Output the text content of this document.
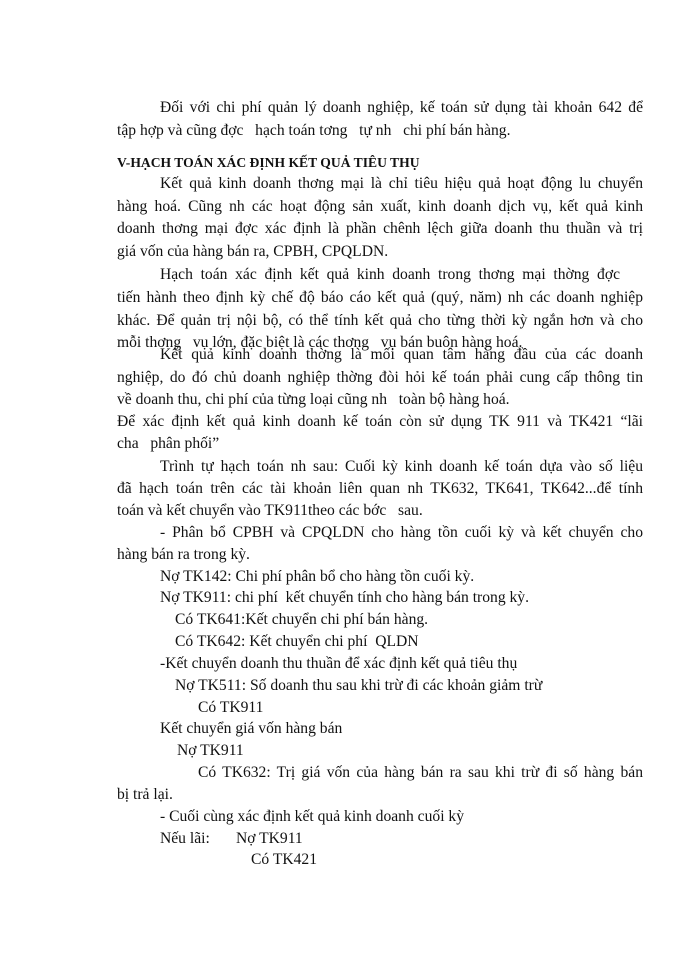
Đối với chi phí quản lý doanh nghiệp, kế toán sử dụng tài khoản 642 để
tập hợp và cũng đợc   hạch toán tơng   tự nh   chi phí bán hàng.
V-HẠCH TOÁN XÁC ĐỊNH KẾT QUẢ TIÊU THỤ
Kết quả kinh doanh thơng mại là chỉ tiêu hiệu quả hoạt động lu chuyển
hàng hoá. Cũng nh các hoạt động sản xuất, kinh doanh dịch vụ, kết quả kinh
doanh thơng mại đợc xác định là phần chênh lệch giữa doanh thu thuần và trị
giá vốn của hàng bán ra, CPBH, CPQLDN.
Hạch toán xác định kết quả kinh doanh trong thơng mại thờng đợc
tiến hành theo định kỳ chế độ báo cáo kết quả (quý, năm) nh các doanh nghiệp
khác. Để quản trị nội bộ, có thể tính kết quả cho từng thời kỳ ngắn hơn và cho
mỗi thơng   vụ lớn, đặc biệt là các thơng   vụ bán buôn hàng hoá.
Kết quả kinh doanh thờng là mối quan tâm hàng đầu của các doanh
nghiệp, do đó chủ doanh nghiệp thờng đòi hỏi kế toán phải cung cấp thông tin
về doanh thu, chi phí của từng loại cũng nh   toàn bộ hàng hoá.
Để xác định kết quả kinh doanh kế toán còn sử dụng TK 911 và TK421 “lãi
cha   phân phối”
Trình tự hạch toán nh sau: Cuối kỳ kinh doanh kế toán dựa vào số liệu
đã hạch toán trên các tài khoản liên quan nh TK632, TK641, TK642...để tính
toán và kết chuyển vào TK911theo các bớc   sau.
- Phân bổ CPBH và CPQLDN cho hàng tồn cuối kỳ và kết chuyển cho
hàng bán ra trong kỳ.
Nợ TK142: Chi phí phân bổ cho hàng tồn cuối kỳ.
Nợ TK911: chi phí  kết chuyển tính cho hàng bán trong kỳ.
Có TK641:Kết chuyển chi phí bán hàng.
Có TK642: Kết chuyển chi phí  QLDN
-Kết chuyển doanh thu thuần để xác định kết quả tiêu thụ
Nợ TK511: Số doanh thu sau khi trừ đi các khoản giảm trừ
Có TK911
Kết chuyển giá vốn hàng bán
Nợ TK911
Có TK632: Trị giá vốn của hàng bán ra sau khi trừ đi số hàng bán
bị trả lại.
- Cuối cùng xác định kết quả kinh doanh cuối kỳ
Nếu lãi: Nợ TK911
Có TK421
